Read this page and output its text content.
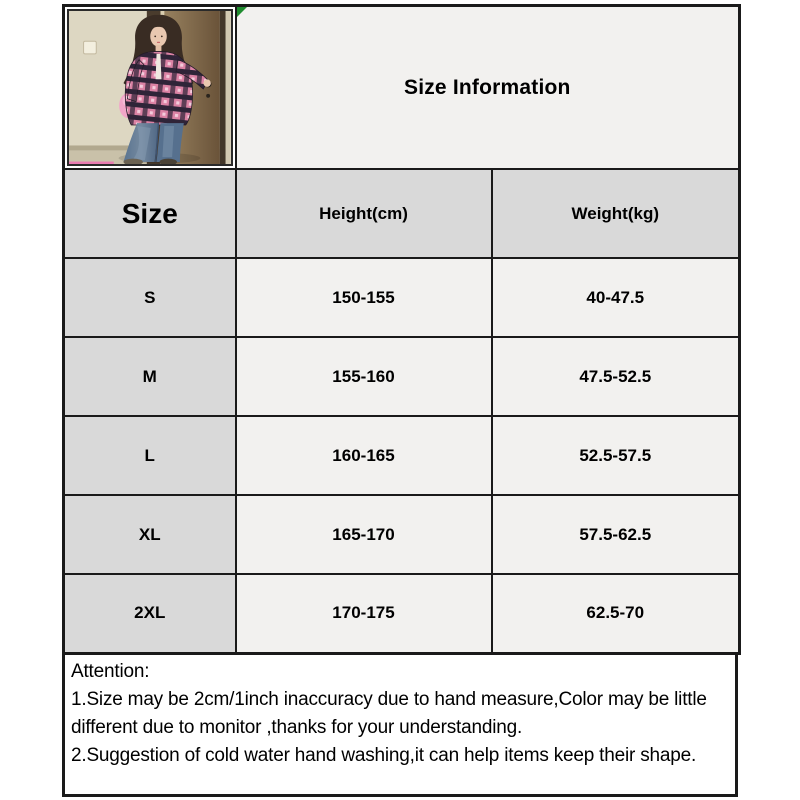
Size Information	
Size	Height(cm)	Weight(kg)
S	150-155	40-47.5
M	155-160	47.5-52.5
L	160-165	52.5-57.5
XL	165-170	57.5-62.5
2XL	170-175	62.5-70
Attention:
1.Size may be 2cm/1inch inaccuracy due to hand measure,Color may be little different due to monitor ,thanks for your understanding.
2.Suggestion of cold water hand washing,it can help items keep their shape.
